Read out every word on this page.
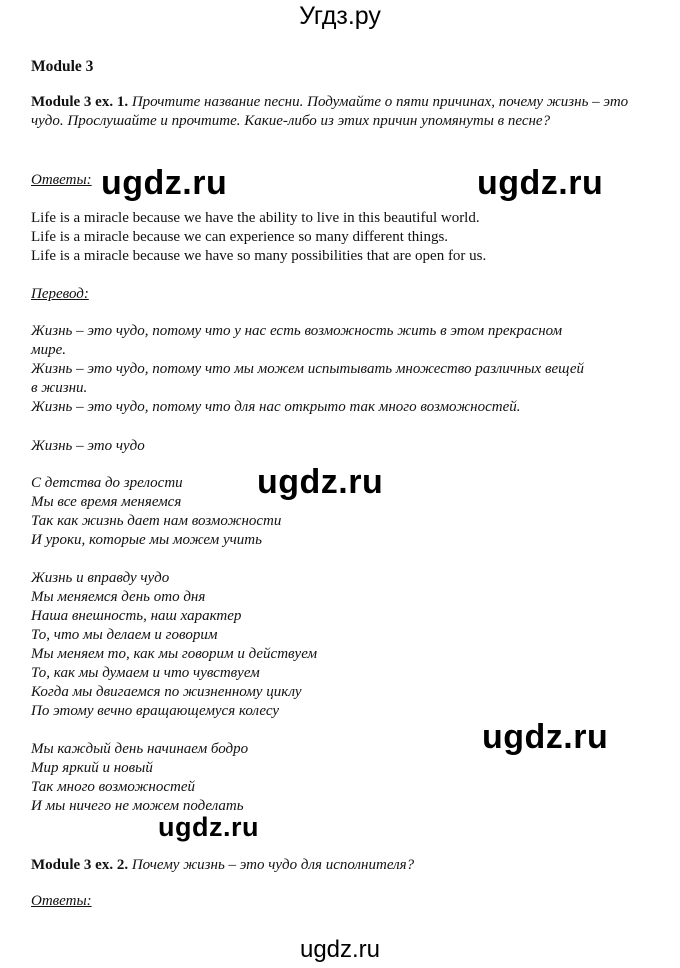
Угдз.ру
Module 3
Module 3 ex. 1. Прочтите название песни. Подумайте о пяти причинах, почему жизнь – это чудо. Прослушайте и прочтите. Какие-либо из этих причин упомянуты в песне?
Ответы: ugdz.ru	ugdz.ru
Life is a miracle because we have the ability to live in this beautiful world.
Life is a miracle because we can experience so many different things.
Life is a miracle because we have so many possibilities that are open for us.
Перевод:
Жизнь – это чудо, потому что у нас есть возможность жить в этом прекрасном
мире.
Жизнь – это чудо, потому что мы можем испытывать множество различных вещей
в жизни.
Жизнь – это чудо, потому что для нас открыто так много возможностей.
Жизнь – это чудо
ugdz.ru
С детства до зрелости
Мы все время меняемся
Так как жизнь дает нам возможности
И уроки, которые мы можем учить
Жизнь и вправду чудо
Мы меняемся день ото дня
Наша внешность, наш характер
То, что мы делаем и говорим
Мы меняем то, как мы говорим и действуем
То, как мы думаем и что чувствуем
Когда мы двигаемся по жизненному циклу
По этому вечно вращающемуся колесу
ugdz.ru
Мы каждый день начинаем бодро
Мир яркий и новый
Так много возможностей
И мы ничего не можем поделать
ugdz.ru
Module 3 ex. 2. Почему жизнь – это чудо для исполнителя?
Ответы:
ugdz.ru
